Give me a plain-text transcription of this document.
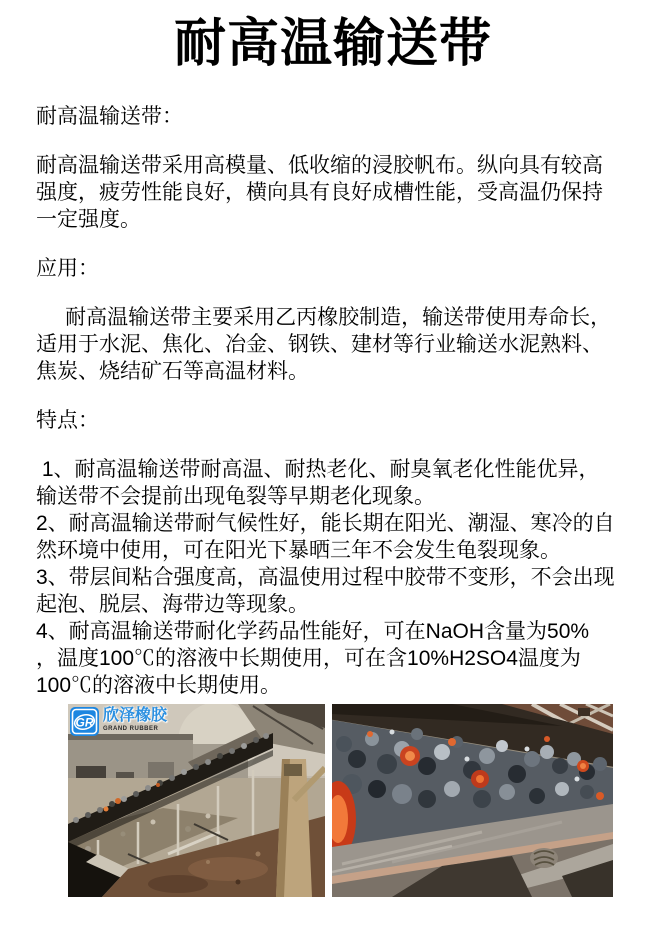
耐高温输送带
耐高温输送带：
耐高温输送带采用高模量、低收缩的浸胶帆布。纵向具有较高
强度，疲劳性能良好，横向具有良好成槽性能，受高温仍保持
一定强度。
应用：
耐高温输送带主要采用乙丙橡胶制造，输送带使用寿命长，
适用于水泥、焦化、冶金、钢铁、建材等行业输送水泥熟料、
焦炭、烧结矿石等高温材料。
特点：
1、耐高温输送带耐高温、耐热老化、耐臭氧老化性能优异，
输送带不会提前出现龟裂等早期老化现象。
2、耐高温输送带耐气候性好，能长期在阳光、潮湿、寒冷的自
然环境中使用，可在阳光下暴晒三年不会发生龟裂现象。
3、带层间粘合强度高，高温使用过程中胶带不变形，不会出现
起泡、脱层、海带边等现象。
4、耐高温输送带耐化学药品性能好，可在NaOH含量为50%
，温度100℃的溶液中长期使用，可在含10%H2SO4温度为
100℃的溶液中长期使用。
GR 欣泽橡胶
GRAND RUBBER
